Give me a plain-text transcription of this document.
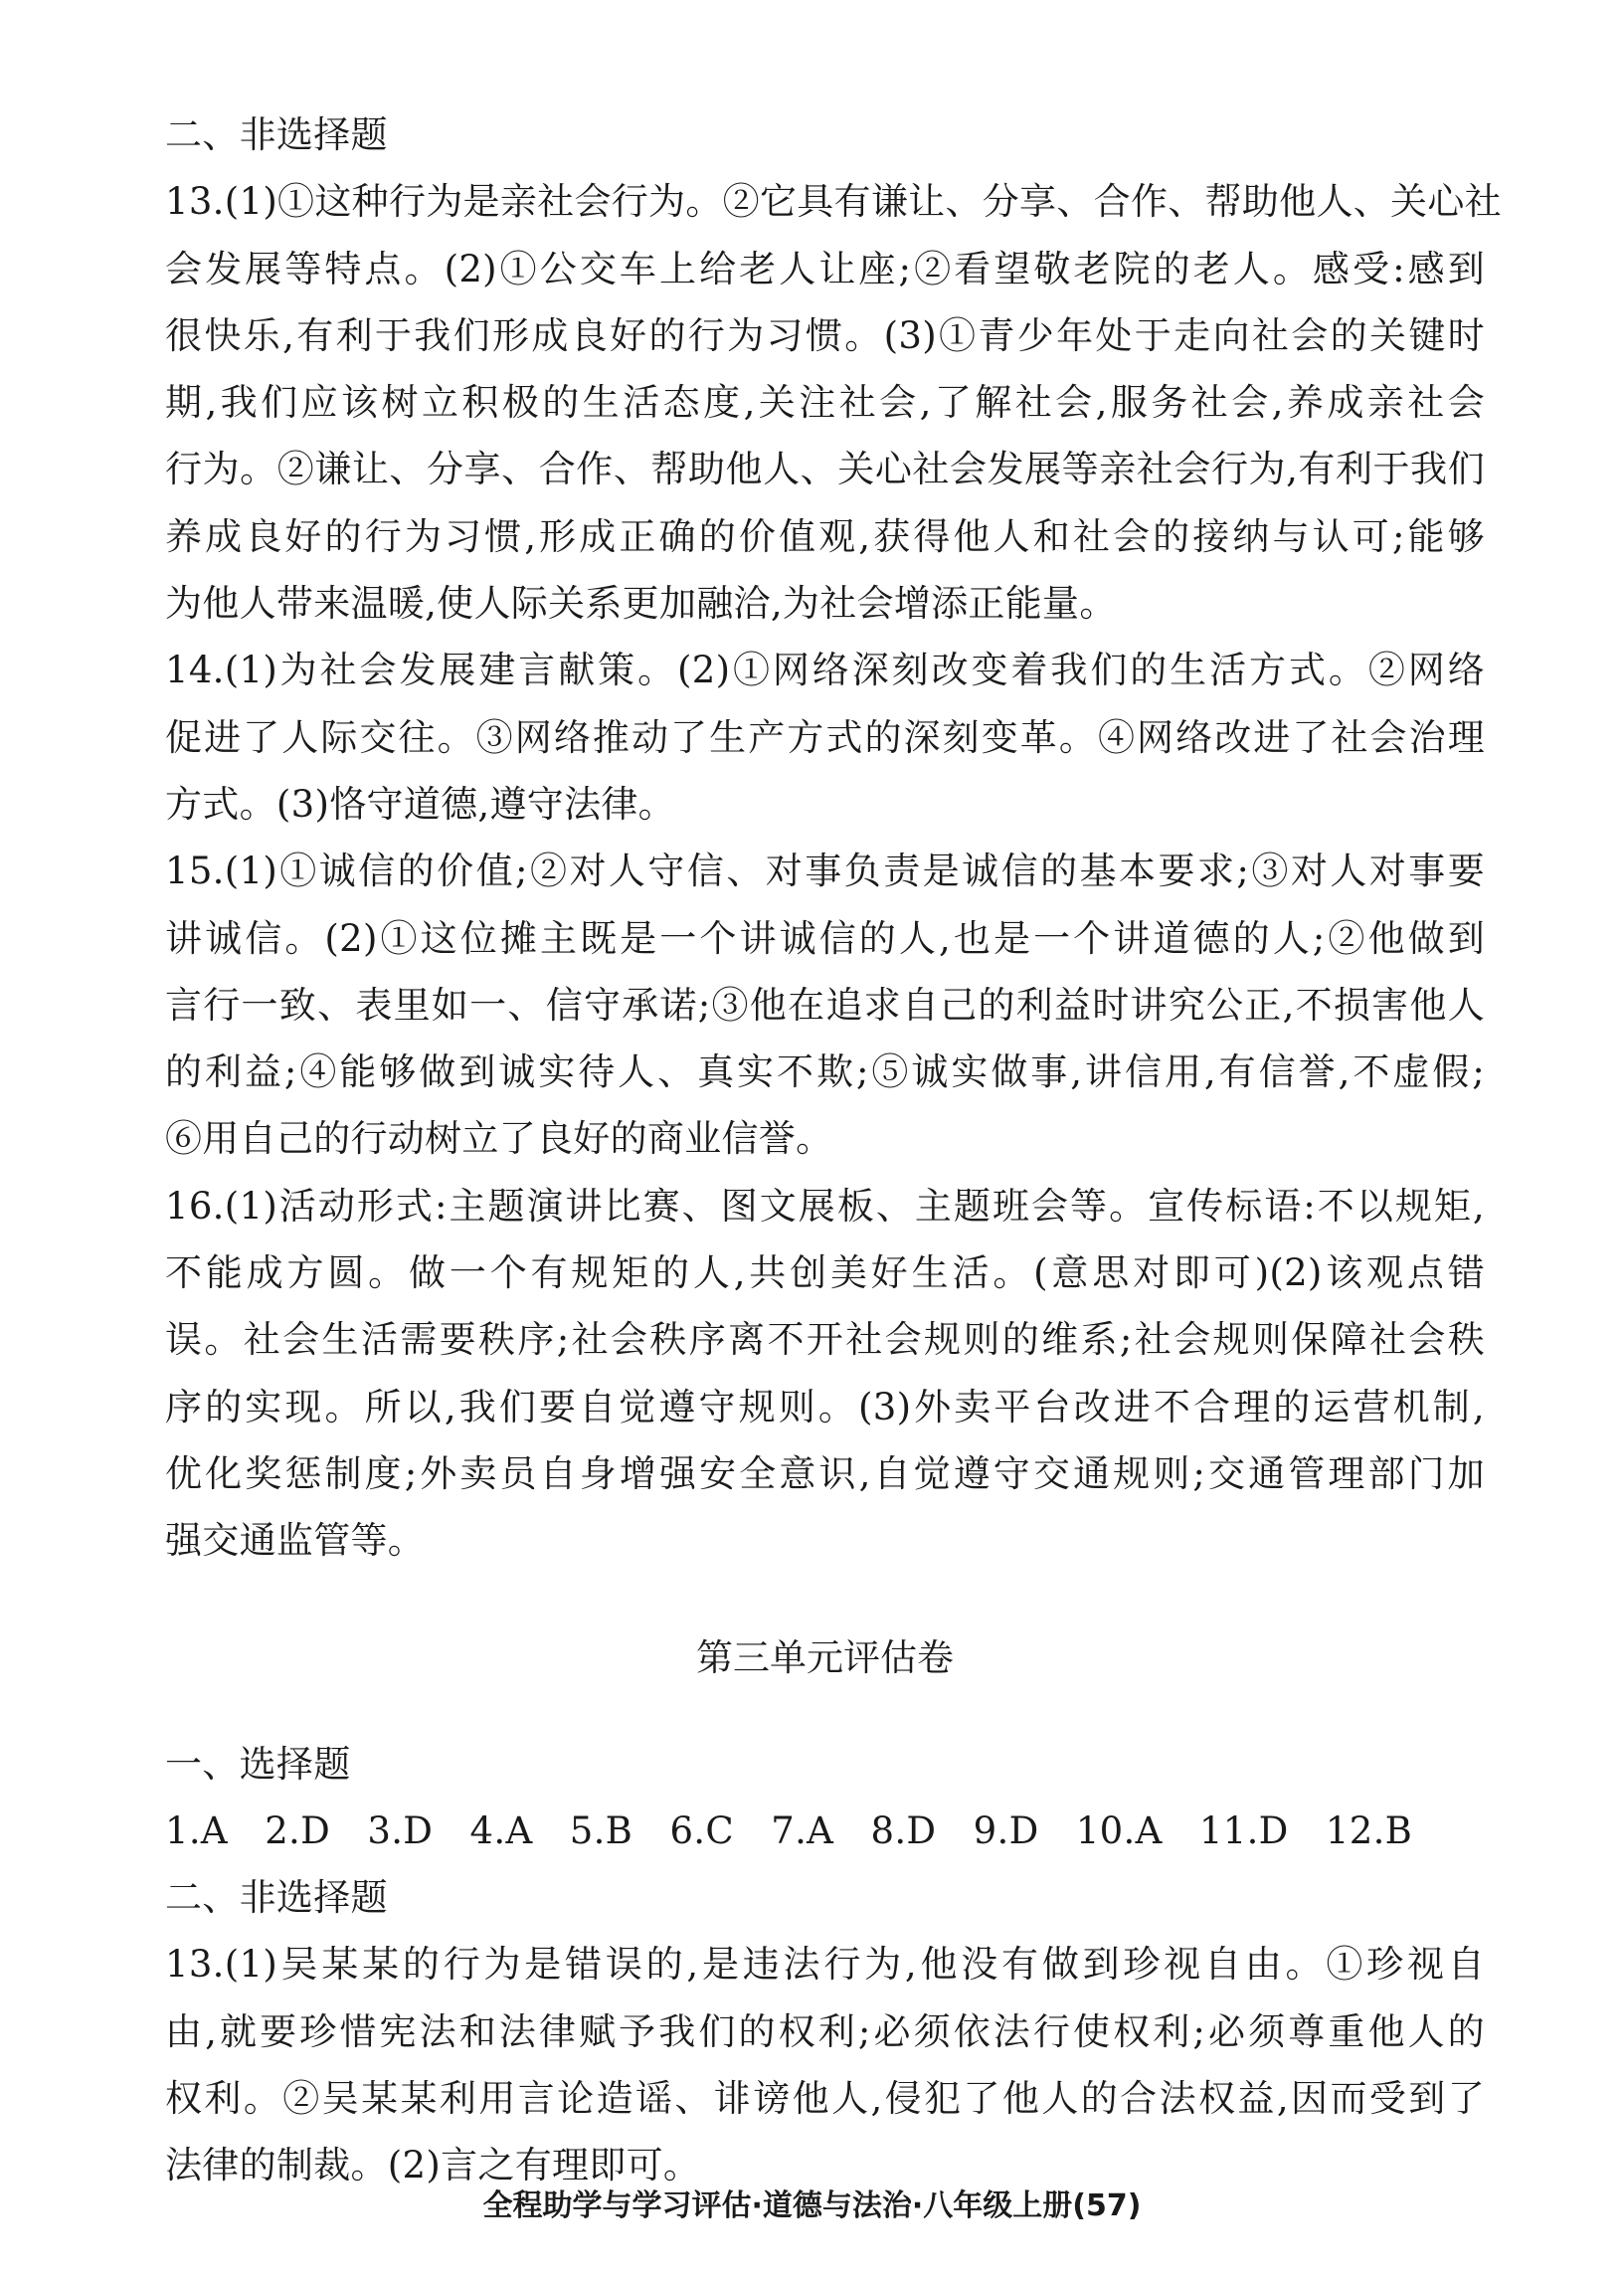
二、非选择题
13.(1)①这种行为是亲社会行为。②它具有谦让、分享、合作、帮助他人、关心社
会发展等特点。(2)①公交车上给老人让座;②看望敬老院的老人。感受:感到
很快乐,有利于我们形成良好的行为习惯。(3)①青少年处于走向社会的关键时
期,我们应该树立积极的生活态度,关注社会,了解社会,服务社会,养成亲社会
行为。②谦让、分享、合作、帮助他人、关心社会发展等亲社会行为,有利于我们
养成良好的行为习惯,形成正确的价值观,获得他人和社会的接纳与认可;能够
为他人带来温暖,使人际关系更加融洽,为社会增添正能量。
14.(1)为社会发展建言献策。(2)①网络深刻改变着我们的生活方式。②网络
促进了人际交往。③网络推动了生产方式的深刻变革。④网络改进了社会治理
方式。(3)恪守道德,遵守法律。
15.(1)①诚信的价值;②对人守信、对事负责是诚信的基本要求;③对人对事要
讲诚信。(2)①这位摊主既是一个讲诚信的人,也是一个讲道德的人;②他做到
言行一致、表里如一、信守承诺;③他在追求自己的利益时讲究公正,不损害他人
的利益;④能够做到诚实待人、真实不欺;⑤诚实做事,讲信用,有信誉,不虚假;
⑥用自己的行动树立了良好的商业信誉。
16.(1)活动形式:主题演讲比赛、图文展板、主题班会等。宣传标语:不以规矩,
不能成方圆。做一个有规矩的人,共创美好生活。(意思对即可)(2)该观点错
误。社会生活需要秩序;社会秩序离不开社会规则的维系;社会规则保障社会秩
序的实现。所以,我们要自觉遵守规则。(3)外卖平台改进不合理的运营机制,
优化奖惩制度;外卖员自身增强安全意识,自觉遵守交通规则;交通管理部门加
强交通监管等。
第三单元评估卷
一、选择题
1.A　2.D　3.D　4.A　5.B　6.C　7.A　8.D　9.D　10.A　11.D　12.B
二、非选择题
13.(1)吴某某的行为是错误的,是违法行为,他没有做到珍视自由。①珍视自
由,就要珍惜宪法和法律赋予我们的权利;必须依法行使权利;必须尊重他人的
权利。②吴某某利用言论造谣、诽谤他人,侵犯了他人的合法权益,因而受到了
法律的制裁。(2)言之有理即可。
全程助学与学习评估·道德与法治·八年级上册(57)
